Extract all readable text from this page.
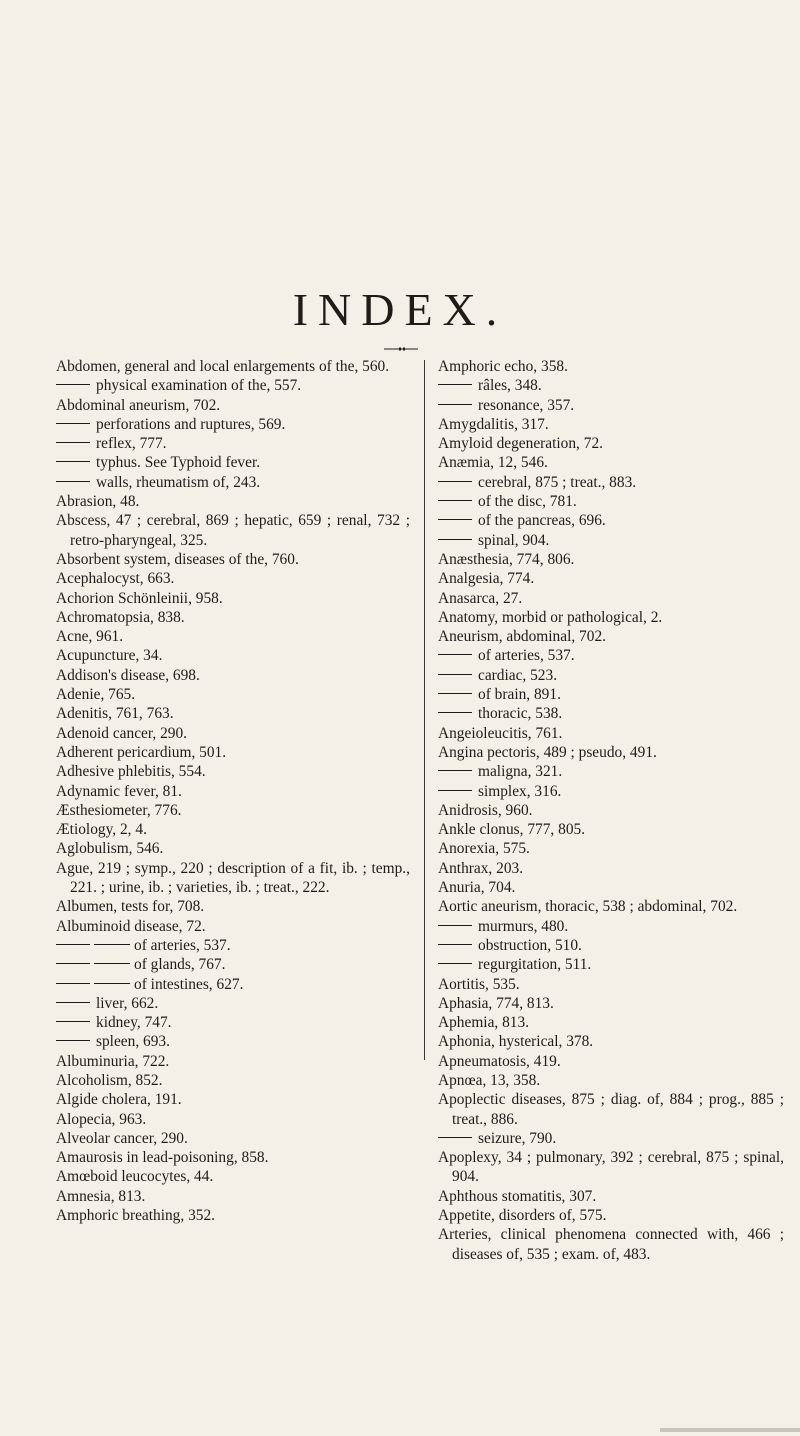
INDEX.
Abdomen, general and local enlargements of the, 560.
physical examination of the, 557.
Abdominal aneurism, 702.
perforations and ruptures, 569.
reflex, 777.
typhus. See Typhoid fever.
walls, rheumatism of, 243.
Abrasion, 48.
Abscess, 47 ; cerebral, 869 ; hepatic, 659 ; renal, 732 ; retro-pharyngeal, 325.
Absorbent system, diseases of the, 760.
Acephalocyst, 663.
Achorion Schönleinii, 958.
Achromatopsia, 838.
Acne, 961.
Acupuncture, 34.
Addison's disease, 698.
Adenie, 765.
Adenitis, 761, 763.
Adenoid cancer, 290.
Adherent pericardium, 501.
Adhesive phlebitis, 554.
Adynamic fever, 81.
Æsthesiometer, 776.
Ætiology, 2, 4.
Aglobulism, 546.
Ague, 219 ; symp., 220 ; description of a fit, ib. ; temp., 221. ; urine, ib. ; varieties, ib. ; treat., 222.
Albumen, tests for, 708.
Albuminoid disease, 72.
of arteries, 537.
of glands, 767.
of intestines, 627.
liver, 662.
kidney, 747.
spleen, 693.
Albuminuria, 722.
Alcoholism, 852.
Algide cholera, 191.
Alopecia, 963.
Alveolar cancer, 290.
Amaurosis in lead-poisoning, 858.
Amœboid leucocytes, 44.
Amnesia, 813.
Amphoric breathing, 352.
Amphoric echo, 358.
râles, 348.
resonance, 357.
Amygdalitis, 317.
Amyloid degeneration, 72.
Anæmia, 12, 546.
cerebral, 875 ; treat., 883.
of the disc, 781.
of the pancreas, 696.
spinal, 904.
Anæsthesia, 774, 806.
Analgesia, 774.
Anasarca, 27.
Anatomy, morbid or pathological, 2.
Aneurism, abdominal, 702.
of arteries, 537.
cardiac, 523.
of brain, 891.
thoracic, 538.
Angeioleucitis, 761.
Angina pectoris, 489 ; pseudo, 491.
maligna, 321.
simplex, 316.
Anidrosis, 960.
Ankle clonus, 777, 805.
Anorexia, 575.
Anthrax, 203.
Anuria, 704.
Aortic aneurism, thoracic, 538 ; abdominal, 702.
murmurs, 480.
obstruction, 510.
regurgitation, 511.
Aortitis, 535.
Aphasia, 774, 813.
Aphemia, 813.
Aphonia, hysterical, 378.
Apneumatosis, 419.
Apnœa, 13, 358.
Apoplectic diseases, 875 ; diag. of, 884 ; prog., 885 ; treat., 886.
seizure, 790.
Apoplexy, 34 ; pulmonary, 392 ; cerebral, 875 ; spinal, 904.
Aphthous stomatitis, 307.
Appetite, disorders of, 575.
Arteries, clinical phenomena connected with, 466 ; diseases of, 535 ; exam. of, 483.
